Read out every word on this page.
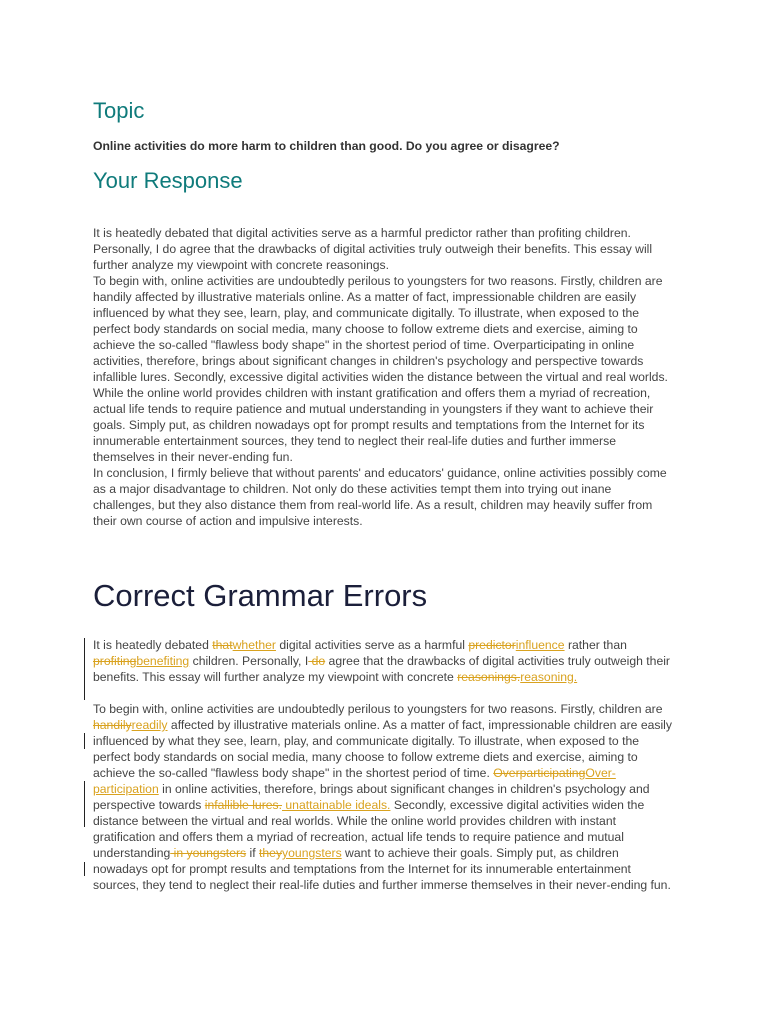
Topic

Online activities do more harm to children than good. Do you agree or disagree?

Your Response

It is heatedly debated that digital activities serve as a harmful predictor rather than profiting children. Personally, I do agree that the drawbacks of digital activities truly outweigh their benefits. This essay will further analyze my viewpoint with concrete reasonings.

To begin with, online activities are undoubtedly perilous to youngsters for two reasons. Firstly, children are handily affected by illustrative materials online. As a matter of fact, impressionable children are easily influenced by what they see, learn, play, and communicate digitally. To illustrate, when exposed to the perfect body standards on social media, many choose to follow extreme diets and exercise, aiming to achieve the so-called "flawless body shape" in the shortest period of time. Overparticipating in online activities, therefore, brings about significant changes in children's psychology and perspective towards infallible lures. Secondly, excessive digital activities widen the distance between the virtual and real worlds. While the online world provides children with instant gratification and offers them a myriad of recreation, actual life tends to require patience and mutual understanding in youngsters if they want to achieve their goals. Simply put, as children nowadays opt for prompt results and temptations from the Internet for its innumerable entertainment sources, they tend to neglect their real-life duties and further immerse themselves in their never-ending fun.

In conclusion, I firmly believe that without parents' and educators' guidance, online activities possibly come as a major disadvantage to children. Not only do these activities tempt them into trying out inane challenges, but they also distance them from real-world life. As a result, children may heavily suffer from their own course of action and impulsive interests.

Correct Grammar Errors

It is heatedly debated thatwhether digital activities serve as a harmful predictorinfluence rather than profitingbenefiting children. Personally, I do agree that the drawbacks of digital activities truly outweigh their benefits. This essay will further analyze my viewpoint with concrete reasonings.reasoning.

To begin with, online activities are undoubtedly perilous to youngsters for two reasons. Firstly, children are handilyreadily affected by illustrative materials online. As a matter of fact, impressionable children are easily influenced by what they see, learn, play, and communicate digitally. To illustrate, when exposed to the perfect body standards on social media, many choose to follow extreme diets and exercise, aiming to achieve the so-called "flawless body shape" in the shortest period of time. OverparticipatingOver-participation in online activities, therefore, brings about significant changes in children's psychology and perspective towards infallible lures. unattainable ideals. Secondly, excessive digital activities widen the distance between the virtual and real worlds. While the online world provides children with instant gratification and offers them a myriad of recreation, actual life tends to require patience and mutual understanding in youngsters if theyyoungsters want to achieve their goals. Simply put, as children nowadays opt for prompt results and temptations from the Internet for its innumerable entertainment sources, they tend to neglect their real-life duties and further immerse themselves in their never-ending fun.
